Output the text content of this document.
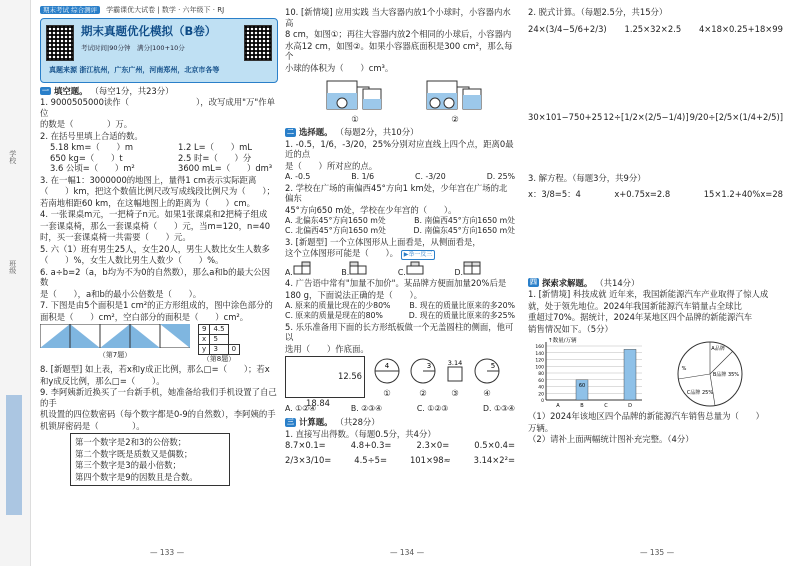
学校
班级
期末考试 综合测评	学霸课优大试卷 | 数学 · 六年级下 · RJ
期末真题优化模拟（B卷）
考试时间|90分钟　 满分|100+10分
真题来源 浙江杭州，广东广州，河南郑州，北京市各等
一 填空题。 （每空1分，共23分）

1. 9000505000读作（　　　　　　　　），改写成用"万"作单位

的数是（　　　　）万。

2. 在括号里填上合适的数。

5.18 km=（　　）m	1.2 L=（　　）mL
650 kg=（　　）t	2.5 时=（　　）分
3.6 公顷=（　　）m²	3600 mL=（　　）dm³

3. 在一幅1：3000000的地图上，量得1 cm表示实际距离

（　　）km，把这个数值比例尺改写成线段比例尺为（　　）；

若南地相距60 km，在这幅地图上的距离为（　　）cm。

4. 一张课桌m元，一把椅子n元。如果1张课桌和2把椅子组成

一套课桌椅，那么一套课桌椅（　　）元，当m=120，n=40

时，买一套课桌椅一共需要（　　）元。

5. 六（1）班有男生25人，女生20人，男生人数比女生人数多

（　　）%，女生人数比男生人数少（　　）%。

6. a÷b=2（a，b均为不为0的自然数），那么a和b的最大公因数

是（　　），a和b的最小公倍数是（　　）。

7. 下图是由5个面积是1 cm²的正方形组成的，图中涂色部分的

面积是（　　）cm²，空白部分的面积是（　　）cm²。

（第7题）
9	4.5	
x	5	
y	3	0
（第8题）

8. [新题型] 如上表，若x和y成正比例，那么□=（　　）；若x

和y成反比例，那么□=（　　）。

9. 李阿姨新近换买了一台新手机，她准备给我们手机设置了自己的手

机设置的四位数密码（每个数字都是0-9的自然数），李阿姨的手

机锁屏密码是（　　　　）。

第一个数字是2和3的公倍数；

第二个数字既是质数又是偶数；

第三个数字是3的最小倍数；

第四个数字是9的因数且是合数。

— 133 —

10. [新情境] 应用实践 当大容器内放1个小球时，小容器内水高

8 cm，如图①；再往大容器内放2个相同的小球后，小容器内

水高12 cm，如图②。如果小容器底面积是300 cm²，那么每个

小球的体积为（　　）cm³。

①	②
二 选择题。 （每题2分，共10分）

1. -0.5，1/6，-3/20，25%分别对应直线上四个点，距离0最近的点

是（　　）所对应的点。

A. -0.5	B. 1/6	C. -3/20	D. 25%

2. 学校在广场的南偏西45°方向1 km处，少年宫在广场的北偏东

45°方向650 m处，学校在少年宫的（　　）。

A. 北偏东45°方向1650 m处	B. 南偏西45°方向1650 m处
C. 北偏西45°方向1650 m处	D. 南偏东45°方向1650 m处

3. [新题型] 一个立体图形从上面看是，从侧面看是，

这个立体图形可能是（　　）。 ▶举一反三

A.	B.	C.	D.

4. 广告语中常有"加量不加价"。某品牌方便面加量20%后是

180 g，下面说法正确的是（　　）。

A. 原来的质量比现在的少80% B. 现在的质量比原来的多20%
C. 原来的质量是现在的80%	D. 现在的质量比原来的多25%

5. 乐乐准备用下面的长方形纸板做一个无盖圆柱的侧面，他可以

选用（　　）作底面。

12.56
18.84
4
①
3
②
3.14
③
5
④
A. ①②④	B. ②③④	C. ①②③	D. ①③④
三 计算题。 （共28分）

1. 直接写出得数。（每题0.5分，共4分）

8.7×0.1=	4.8+0.3=	2.3×0=	0.5×0.4=
2/3×3/10=	4.5÷5=	101×98≈	3.14×2²=
— 134 —

2. 脱式计算。（每题2.5分，共15分）

24×(3/4−5/6+2/3) 1.25×32×2.5 4×18×0.25+18×99
30×101−750+25 12÷[1/2×(2/5−1/4)] 9/20÷[2/5×(1/4+2/5)]

3. 解方程。（每题3分，共9分）

x：3/8=5：4	x+0.75x=2.8	15×1.2+40%x=28
四 探索求解题。 （共14分）

1. [新情境] 科技成就 近年来，我国新能源汽车产业取得了惊人成

就，处于领先地位。2024年我国新能源汽车销量占全球比

重超过70%。据统计，2024年某地区四个品牌的新能源汽车

销售情况如下。（5分）

0
20
40
60
80
100
120
140
160
↑数量/万辆
A
60
B	C	D
A品牌
B品牌 35%
C品牌 25%
%

（1）2024年该地区四个品牌的新能源汽车销售总量为（　　）

万辆。

（2）请补上面两幅统计图补充完整。（4分）

— 135 —
